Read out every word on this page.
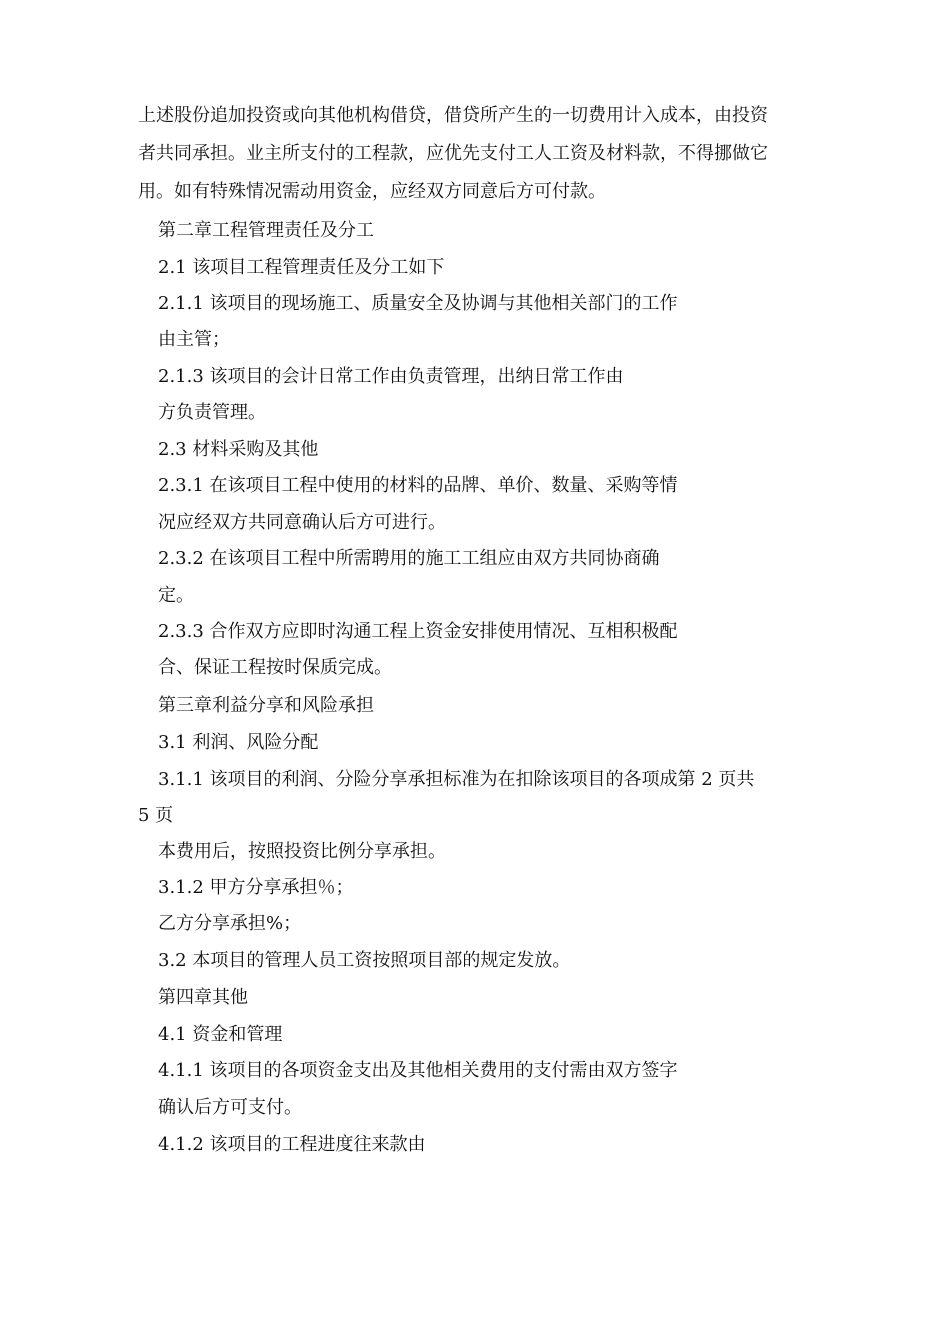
上述股份追加投资或向其他机构借贷，借贷所产生的一切费用计入成本，由投资
者共同承担。业主所支付的工程款，应优先支付工人工资及材料款，不得挪做它
用。如有特殊情况需动用资金，应经双方同意后方可付款。
第二章工程管理责任及分工
2.1 该项目工程管理责任及分工如下
2.1.1 该项目的现场施工、质量安全及协调与其他相关部门的工作
由主管；
2.1.3 该项目的会计日常工作由负责管理，出纳日常工作由
方负责管理。
2.3 材料采购及其他
2.3.1 在该项目工程中使用的材料的品牌、单价、数量、采购等情
况应经双方共同意确认后方可进行。
2.3.2 在该项目工程中所需聘用的施工工组应由双方共同协商确
定。
2.3.3 合作双方应即时沟通工程上资金安排使用情况、互相积极配
合、保证工程按时保质完成。
第三章利益分享和风险承担
3.1 利润、风险分配
3.1.1 该项目的利润、分险分享承担标准为在扣除该项目的各项成第 2 页共
5 页
本费用后，按照投资比例分享承担。
3.1.2 甲方分享承担％；
乙方分享承担%；
3.2 本项目的管理人员工资按照项目部的规定发放。
第四章其他
4.1 资金和管理
4.1.1 该项目的各项资金支出及其他相关费用的支付需由双方签字
确认后方可支付。
4.1.2 该项目的工程进度往来款由
